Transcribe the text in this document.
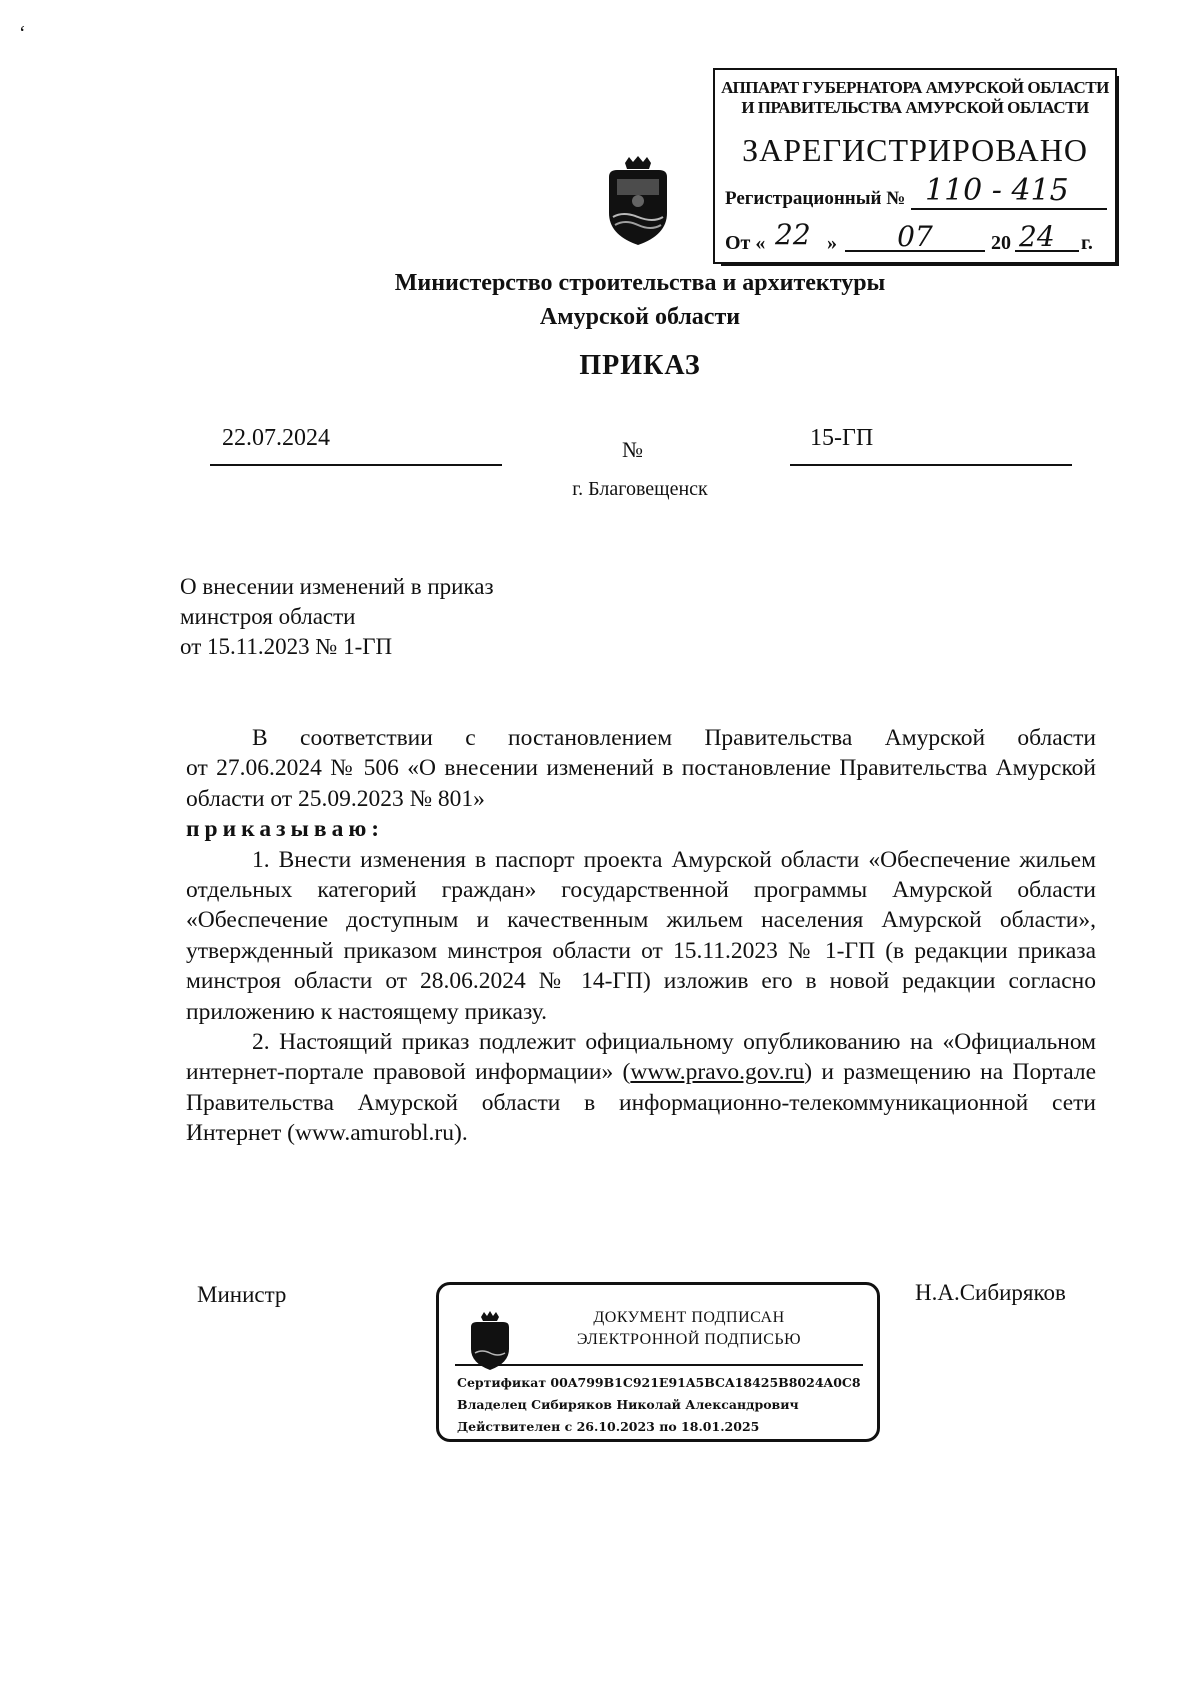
ʻ
АППАРАТ ГУБЕРНАТОРА АМУРСКОЙ ОБЛАСТИ
И ПРАВИТЕЛЬСТВА АМУРСКОЙ ОБЛАСТИ
ЗАРЕГИСТРИРОВАНО
Регистрационный № 110 - 415
От « 22 »	07	20 24	г.
Министерство строительства и архитектуры
Амурской области
ПРИКАЗ
22.07.2024	№	15-ГП
г. Благовещенск
О внесении изменений в приказ
минстроя области
от 15.11.2023 № 1-ГП

В соответствии с постановлением Правительства Амурской области

от 27.06.2024 № 506 «О внесении изменений в постановление Правительства Амурской области от 25.09.2023 № 801»

приказываю:

1. Внести изменения в паспорт проекта Амурской области «Обеспечение жильем отдельных категорий граждан» государственной программы Амурской области «Обеспечение доступным и качественным жильем населения Амурской области», утвержденный приказом минстроя области от 15.11.2023 № 1-ГП (в редакции приказа минстроя области от 28.06.2024 № 14-ГП) изложив его в новой редакции согласно приложению к настоящему приказу.

2. Настоящий приказ подлежит официальному опубликованию на «Официальном интернет-портале правовой информации» (www.pravo.gov.ru) и размещению на Портале Правительства Амурской области в информационно-телекоммуникационной сети Интернет (www.amurobl.ru).

Министр	Н.А.Сибиряков
ДОКУМЕНТ ПОДПИСАН
ЭЛЕКТРОННОЙ ПОДПИСЬЮ
Сертификат 00A799B1C921E91A5BCA18425B8024A0C8
Владелец Сибиряков Николай Александрович
Действителен с 26.10.2023 по 18.01.2025
